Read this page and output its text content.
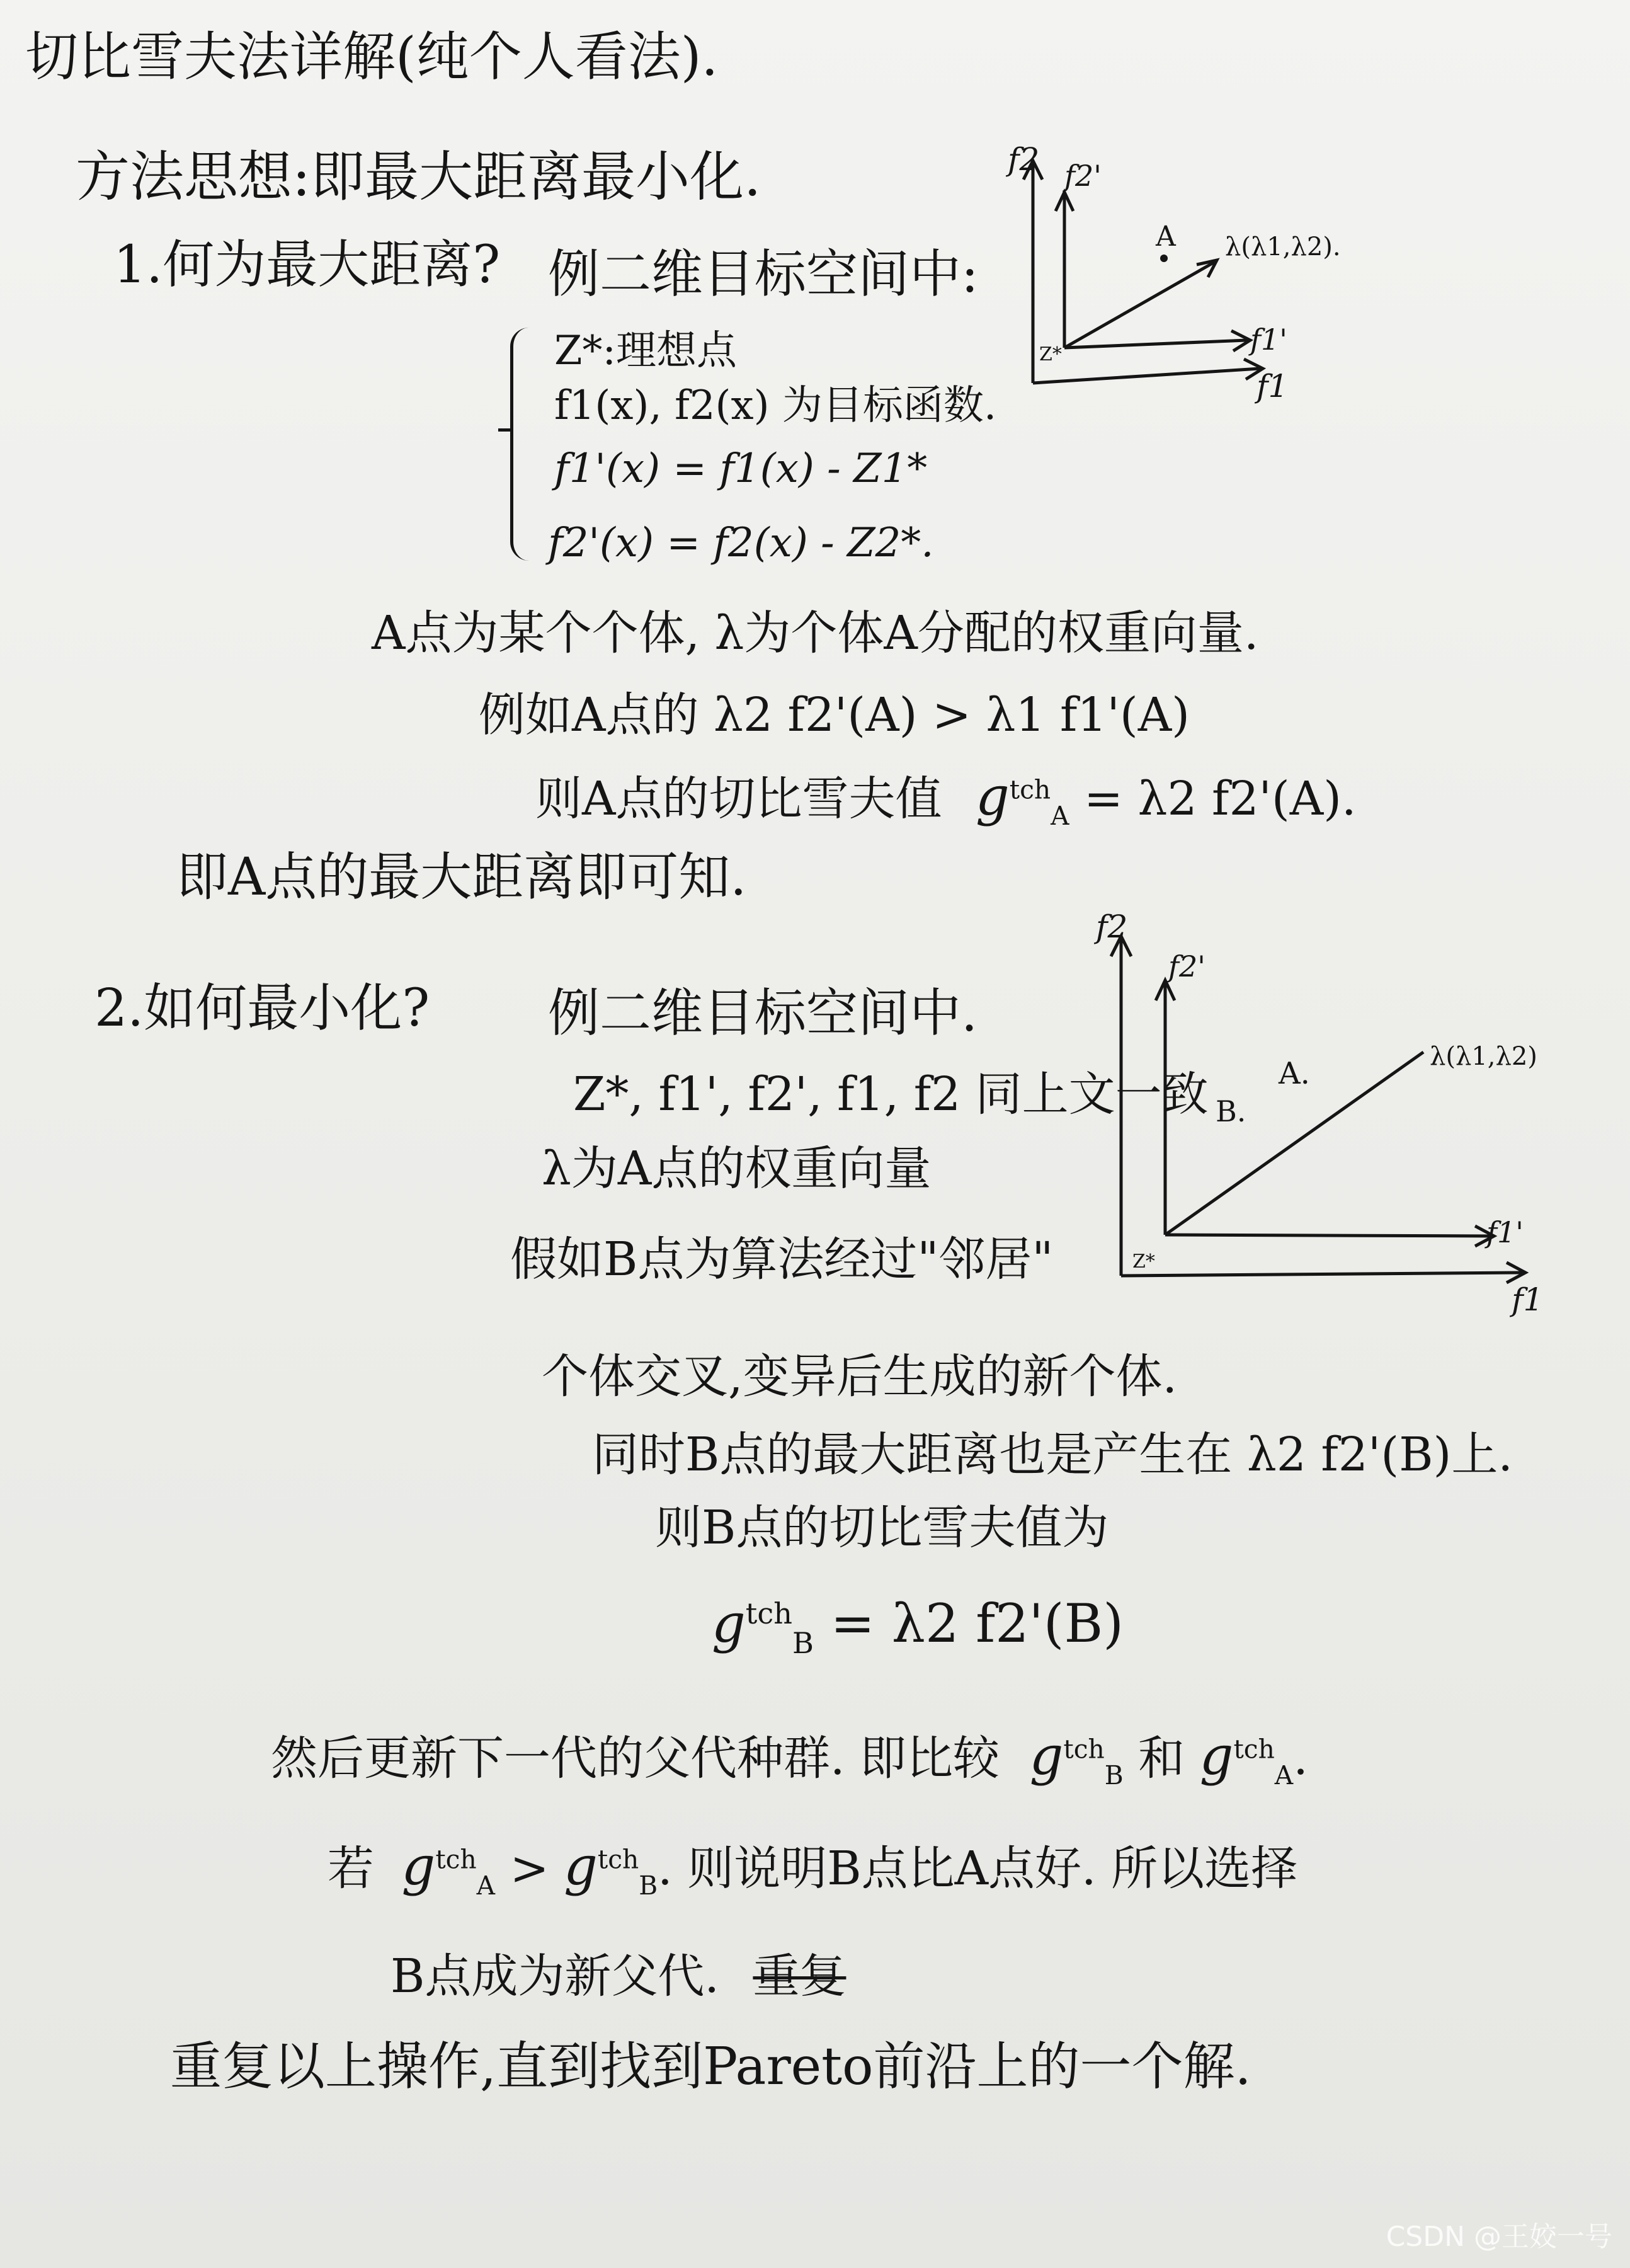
切比雪夫法详解(纯个人看法).
方法思想:即最大距离最小化.
1.何为最大距离? 例二维目标空间中:
Z*:理想点
f1(x), f2(x) 为目标函数.
f1'(x) = f1(x) - Z1*
f2'(x) = f2(x) - Z2*.
A点为某个个体, λ为个体A分配的权重向量.
例如A点的 λ2 f2'(A) > λ1 f1'(A)
则A点的切比雪夫值 $g^{tch}_A = \lambda 2$ f2'(A).
即A点的最大距离即可知.
f2 f2'
f1
f1'
Z*
A λ(λ1,λ2).
2.如何最小化? 例二维目标空间中.
Z*, f1', f2', f1, f2 同上文一致
λ为A点的权重向量
f2
f2'
f1
f1'
Z*
A.
B.
λ(λ1,λ2)
假如B点为算法经过"邻居"
个体交叉,变异后生成的新个体.
同时B点的最大距离也是产生在 λ2 f2'(B)上.
则B点的切比雪夫值为
$g^{tch}_B = \lambda 2$ f2'(B)
然后更新下一代的父代种群. 即比较 $g^{tch}_B$ 和 $g^{tch}_A$.
若 $g^{tch}_A > g^{tch}_B$. 则说明B点比A点好. 所以选择
B点成为新父代. 重复
重复以上操作,直到找到Pareto前沿上的一个解.
CSDN @王姣一号
